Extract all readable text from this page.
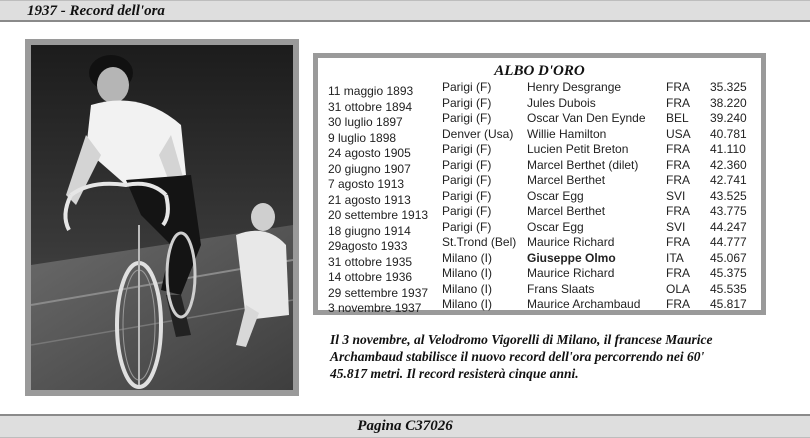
1937 - Record dell'ora
ALBO D'ORO
11 maggio 1893 Parigi (F)	Henry Desgrange	FRA 35.325
31 ottobre 1894 Parigi (F)	Jules Dubois	FRA 38.220
30 luglio 1897	Parigi (F)	Oscar Van Den Eynde BEL 39.240
9 luglio 1898	Denver (Usa) Willie Hamilton	USA 40.781
24 agosto 1905	Parigi (F)	Lucien Petit Breton	FRA 41.110
20 giugno 1907	Parigi (F)	Marcel Berthet (dilet) FRA 42.360
7 agosto 1913	Parigi (F)	Marcel Berthet	FRA 42.741
21 agosto 1913	Parigi (F)	Oscar Egg	SVI 43.525
20 settembre 1913 Parigi (F)	Marcel Berthet	FRA 43.775
18 giugno 1914	Parigi (F)	Oscar Egg	SVI 44.247
29agosto 1933	St.Trond (Bel) Maurice Richard	FRA 44.777
31 ottobre 1935 Milano (I)	Giuseppe Olmo	ITA 45.067
14 ottobre 1936 Milano (I)	Maurice Richard	FRA 45.375
29 settembre 1937 Milano (I)	Frans Slaats	OLA 45.535
3 novembre 1937 Milano (I)	Maurice Archambaud FRA 45.817
Il 3 novembre, al Velodromo Vigorelli di Milano, il francese Maurice
Archambaud stabilisce il nuovo record dell'ora percorrendo nei 60'
45.817 metri. Il record resisterà cinque anni.
Pagina C37026
